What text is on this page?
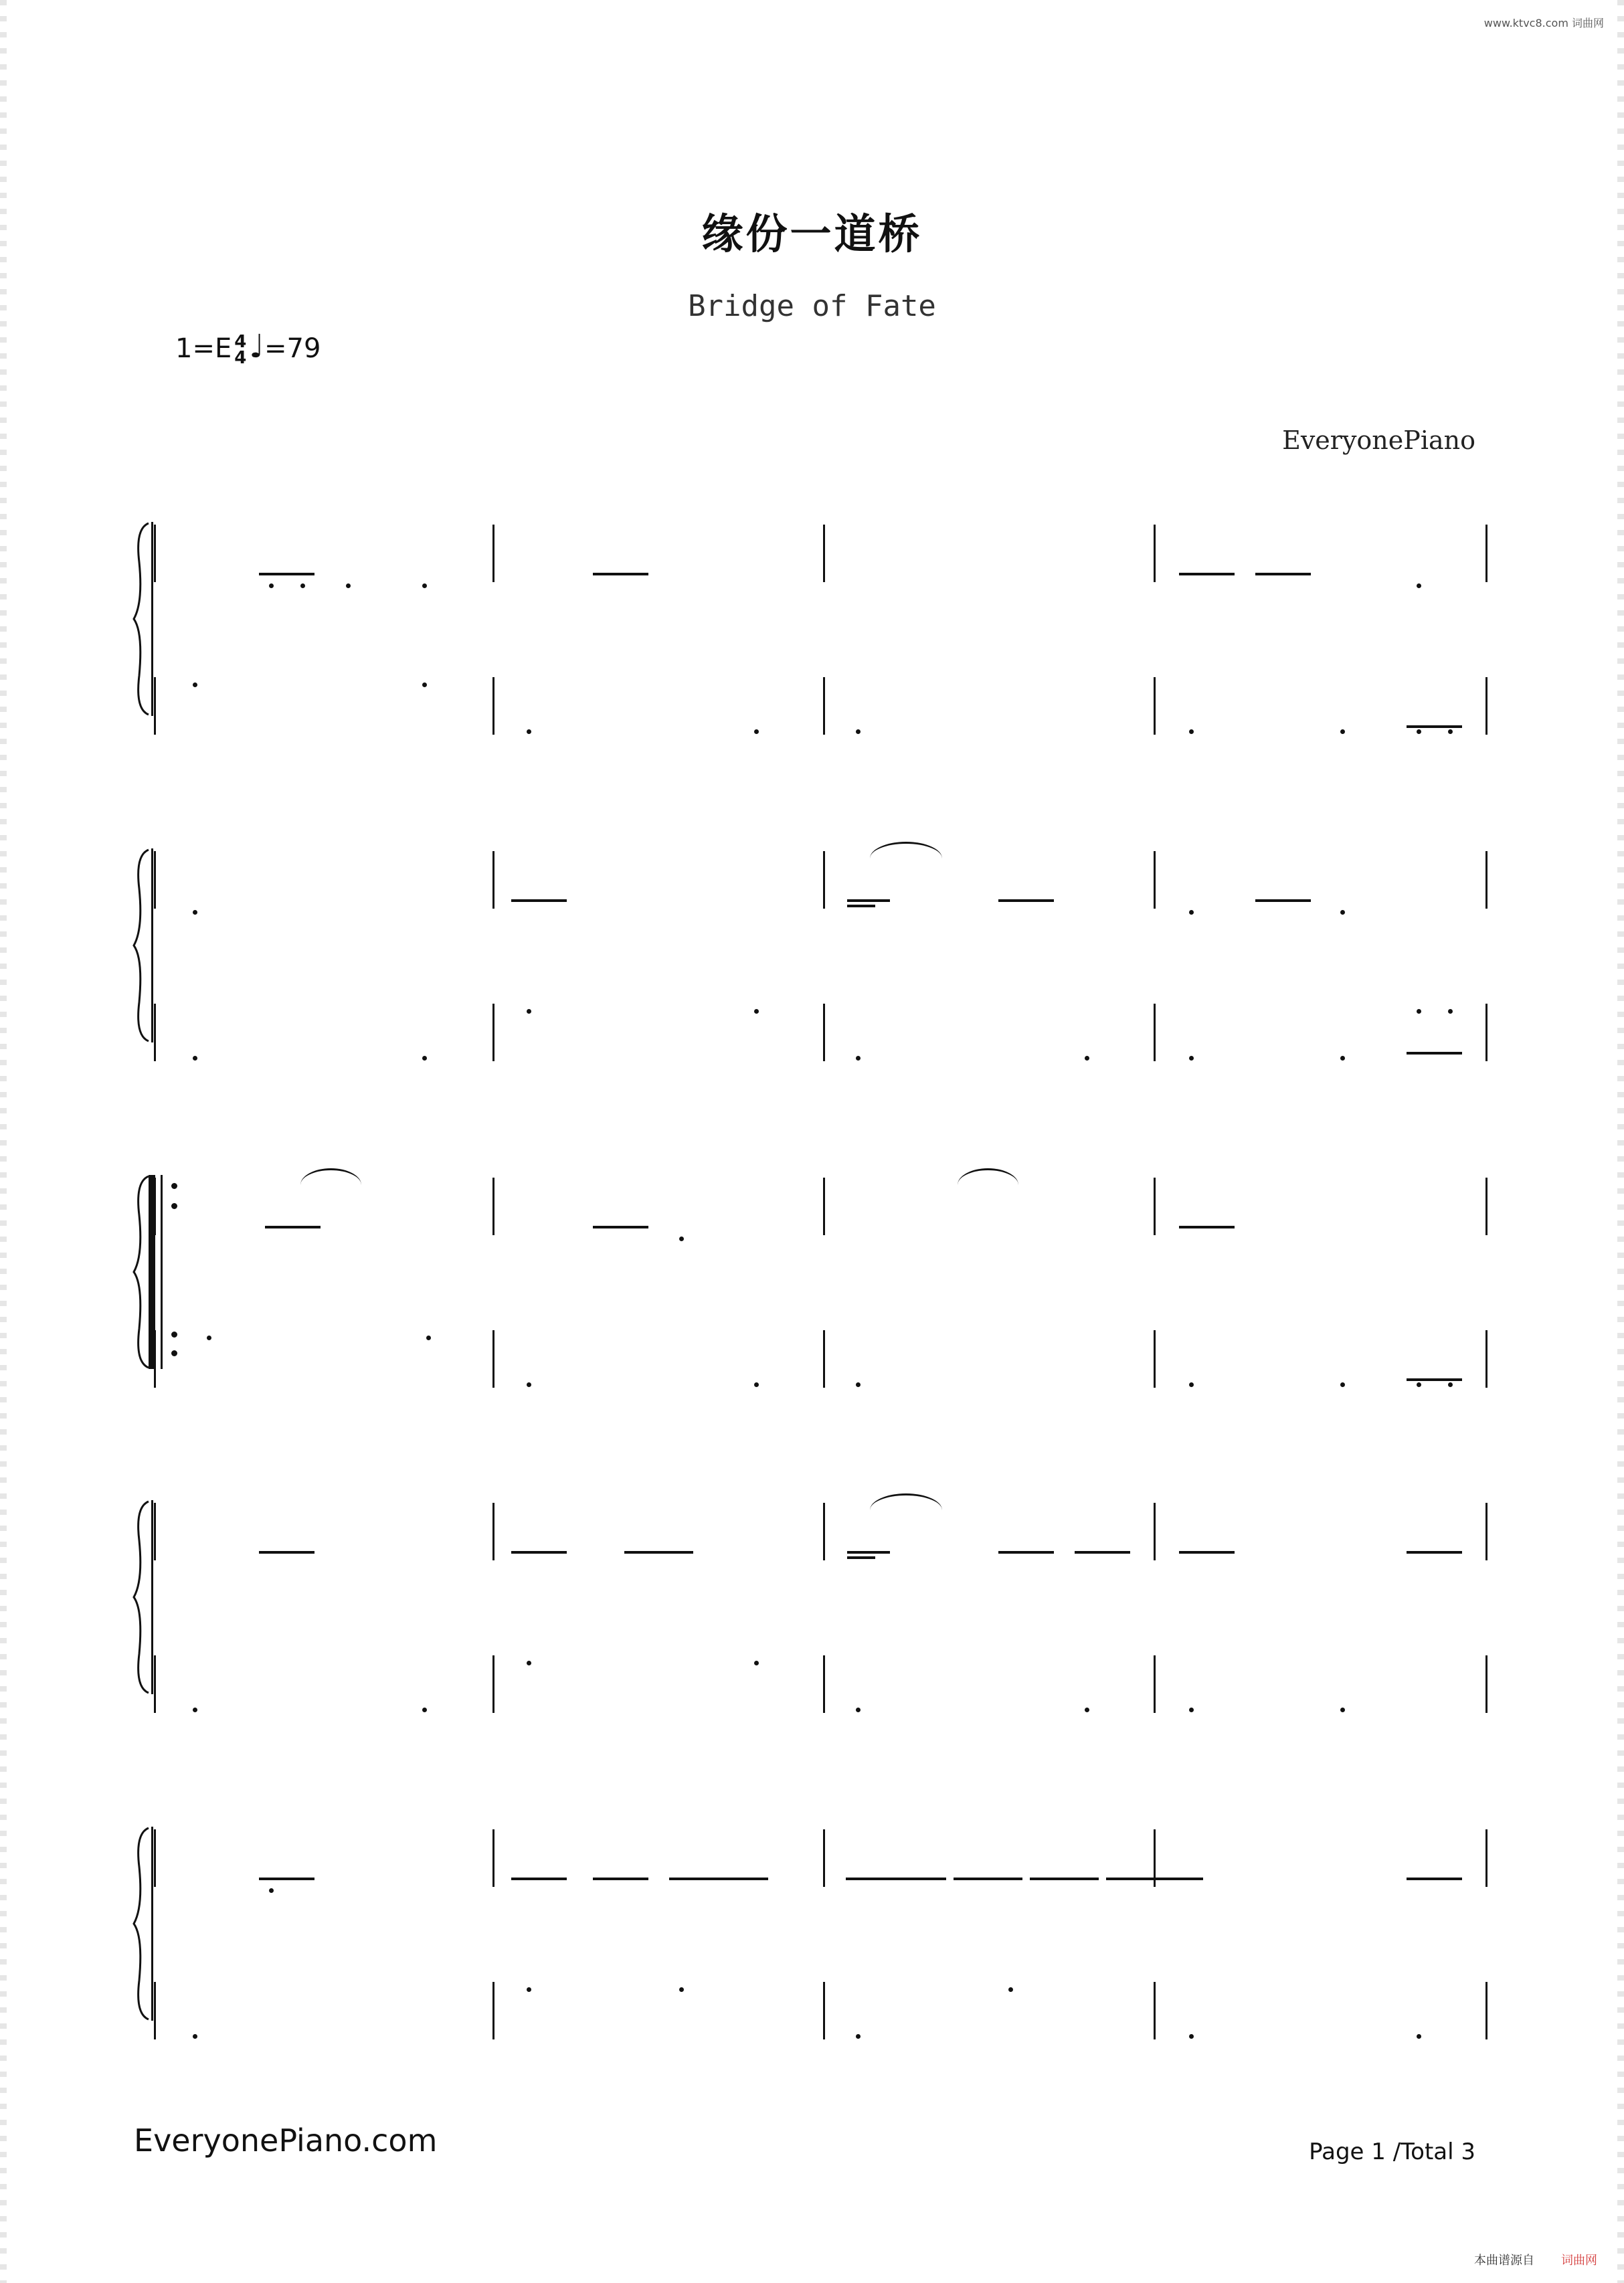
www.ktvc8.com 词曲网
缘份一道桥
Bridge of Fate
1=E 4
4 ♩=79
EveryonePiano
EveryonePiano.com	Page 1 /Total 3
本曲谱源自 词曲网
